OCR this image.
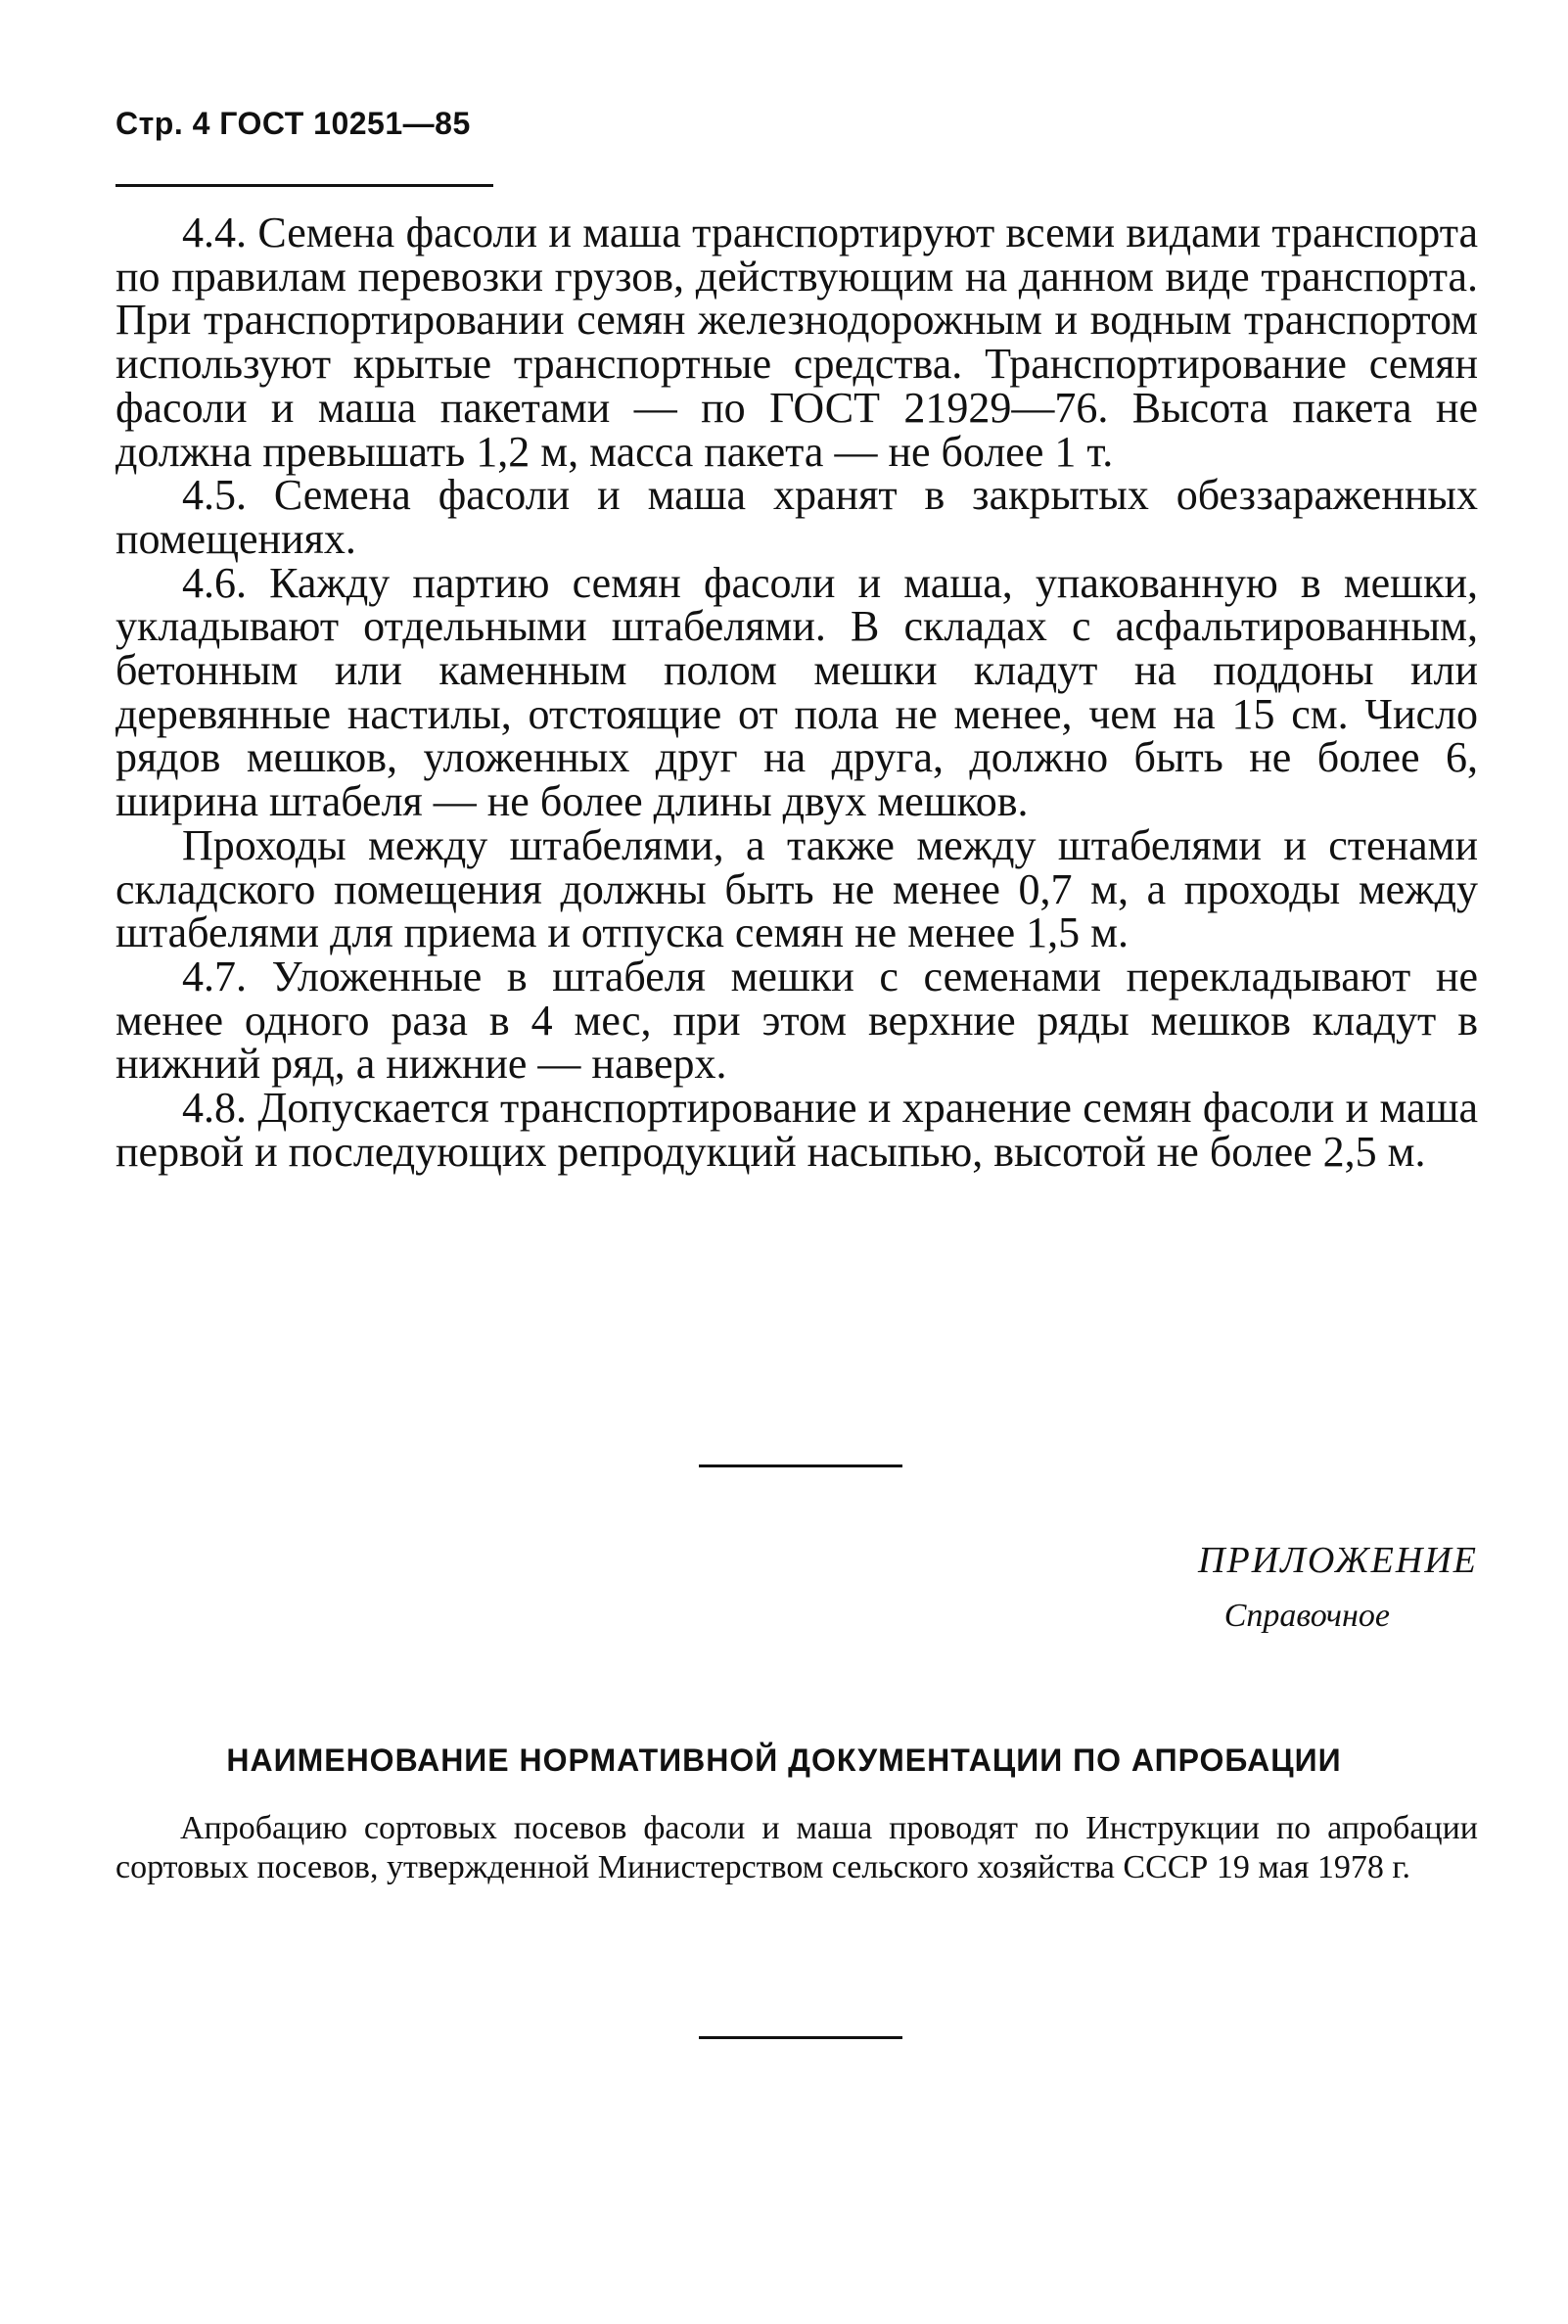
Стр. 4 ГОСТ 10251—85

4.4. Семена фасоли и маша транспортируют всеми видами транспорта по правилам перевозки грузов, действующим на данном виде транспорта. При транспортировании семян железнодорожным и водным транспортом используют крытые транспортные средства. Транспортирование семян фасоли и маша пакетами — по ГОСТ 21929—76. Высота пакета не должна превышать 1,2 м, масса пакета — не более 1 т.

4.5. Семена фасоли и маша хранят в закрытых обеззараженных помещениях.

4.6. Кажду партию семян фасоли и маша, упакованную в мешки, укладывают отдельными штабелями. В складах с асфальтированным, бетонным или каменным полом мешки кладут на поддоны или деревянные настилы, отстоящие от пола не менее, чем на 15 см. Число рядов мешков, уложенных друг на друга, должно быть не более 6, ширина штабеля — не более длины двух мешков.

Проходы между штабелями, а также между штабелями и стенами складского помещения должны быть не менее 0,7 м, а проходы между штабелями для приема и отпуска семян не менее 1,5 м.

4.7. Уложенные в штабеля мешки с семенами перекладывают не менее одного раза в 4 мес, при этом верхние ряды мешков кладут в нижний ряд, а нижние — наверх.

4.8. Допускается транспортирование и хранение семян фасоли и маша первой и последующих репродукций насыпью, высотой не более 2,5 м.

ПРИЛОЖЕНИЕ
Справочное
НАИМЕНОВАНИЕ НОРМАТИВНОЙ ДОКУМЕНТАЦИИ ПО АПРОБАЦИИ

Апробацию сортовых посевов фасоли и маша проводят по Инструкции по апробации сортовых посевов, утвержденной Министерством сельского хозяйства СССР 19 мая 1978 г.
